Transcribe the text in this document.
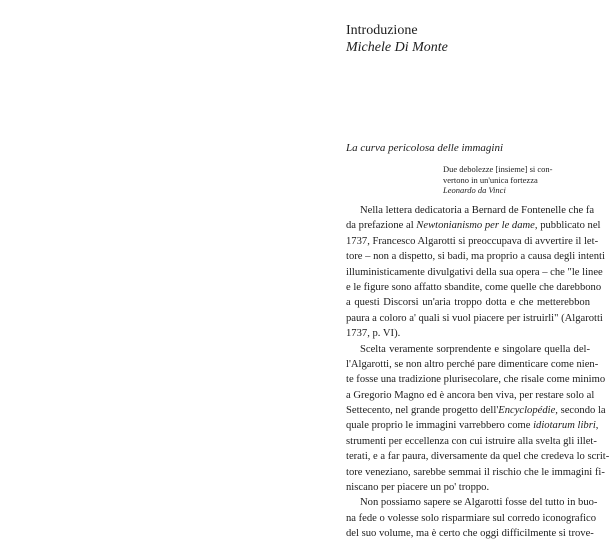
Introduzione
Michele Di Monte
La curva pericolosa delle immagini
Due debolezze [insieme] si con-
vertono in un'unica fortezza
Leonardo da Vinci
Nella lettera dedicatoria a Bernard de Fontenelle che fa
da prefazione al Newtonianismo per le dame, pubblicato nel
1737, Francesco Algarotti si preoccupava di avvertire il let-
tore – non a dispetto, si badi, ma proprio a causa degli intenti
illuministicamente divulgativi della sua opera – che "le linee
e le figure sono affatto sbandite, come quelle che darebbono
a questi Discorsi un'aria troppo dotta e che metterebbon
paura a coloro a' quali si vuol piacere per istruirli" (Algarotti
1737, p. VI).
Scelta veramente sorprendente e singolare quella del-
l'Algarotti, se non altro perché pare dimenticare come nien-
te fosse una tradizione plurisecolare, che risale come minimo
a Gregorio Magno ed è ancora ben viva, per restare solo al
Settecento, nel grande progetto dell'Encyclopédie, secondo la
quale proprio le immagini varrebbero come idiotarum libri,
strumenti per eccellenza con cui istruire alla svelta gli illet-
terati, e a far paura, diversamente da quel che credeva lo scrit-
tore veneziano, sarebbe semmai il rischio che le immagini fi-
niscano per piacere un po' troppo.
Non possiamo sapere se Algarotti fosse del tutto in buo-
na fede o volesse solo risparmiare sul corredo iconografico
del suo volume, ma è certo che oggi difficilmente si trove-
